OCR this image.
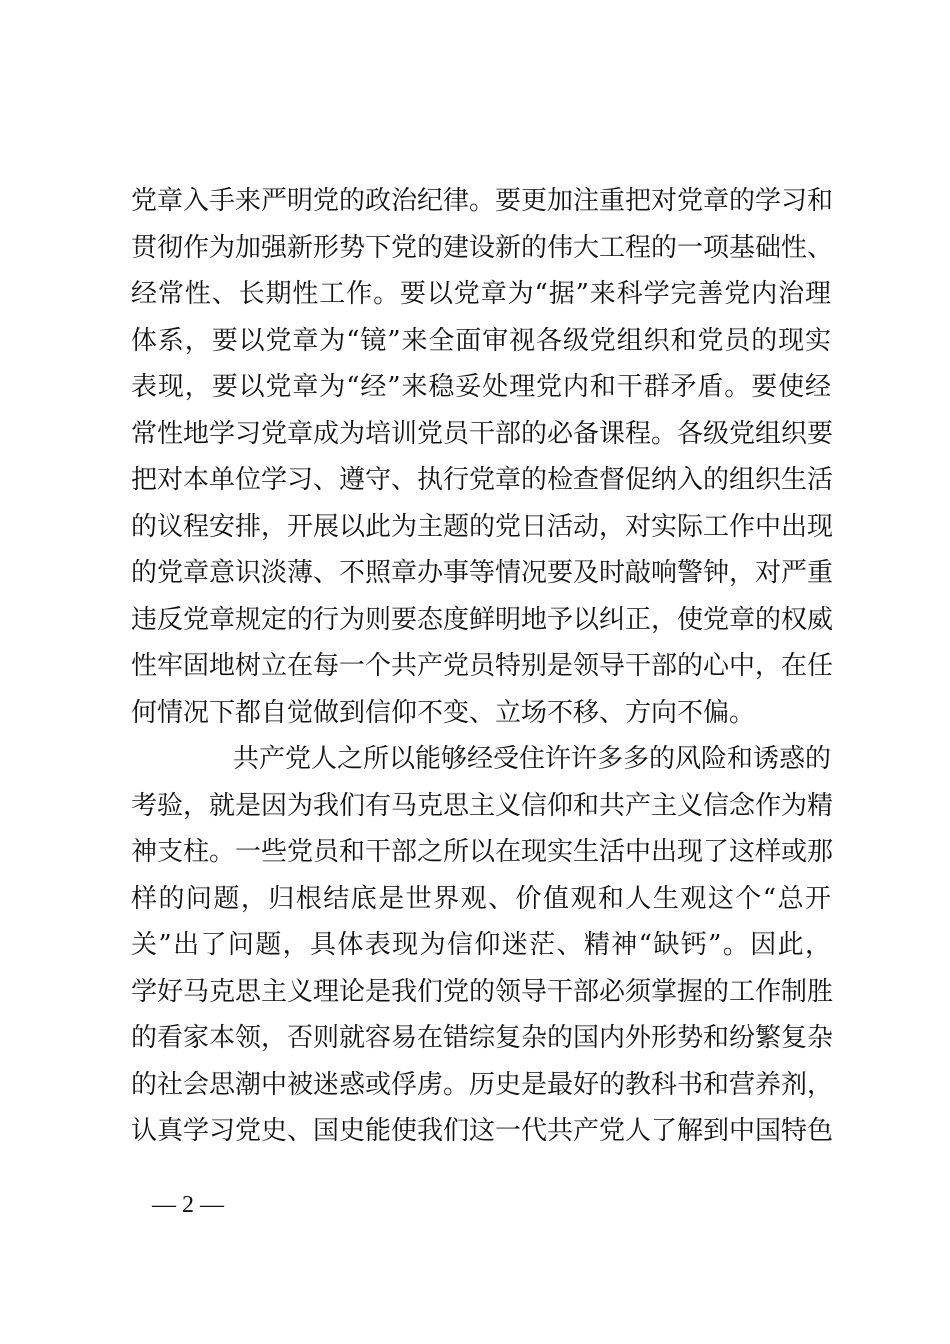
党章入手来严明党的政治纪律。要更加注重把对党章的学习和
贯彻作为加强新形势下党的建设新的伟大工程的一项基础性、
经常性、长期性工作。要以党章为“据”来科学完善党内治理
体系，要以党章为“镜”来全面审视各级党组织和党员的现实
表现，要以党章为“经”来稳妥处理党内和干群矛盾。要使经
常性地学习党章成为培训党员干部的必备课程。各级党组织要
把对本单位学习、遵守、执行党章的检查督促纳入的组织生活
的议程安排，开展以此为主题的党日活动，对实际工作中出现
的党章意识淡薄、不照章办事等情况要及时敲响警钟，对严重
违反党章规定的行为则要态度鲜明地予以纠正，使党章的权威
性牢固地树立在每一个共产党员特别是领导干部的心中，在任
何情况下都自觉做到信仰不变、立场不移、方向不偏。
共产党人之所以能够经受住许许多多的风险和诱惑的
考验，就是因为我们有马克思主义信仰和共产主义信念作为精
神支柱。一些党员和干部之所以在现实生活中出现了这样或那
样的问题，归根结底是世界观、价值观和人生观这个“总开
关”出了问题，具体表现为信仰迷茫、精神“缺钙”。因此，
学好马克思主义理论是我们党的领导干部必须掌握的工作制胜
的看家本领，否则就容易在错综复杂的国内外形势和纷繁复杂
的社会思潮中被迷惑或俘虏。历史是最好的教科书和营养剂，
认真学习党史、国史能使我们这一代共产党人了解到中国特色
— 2 —
